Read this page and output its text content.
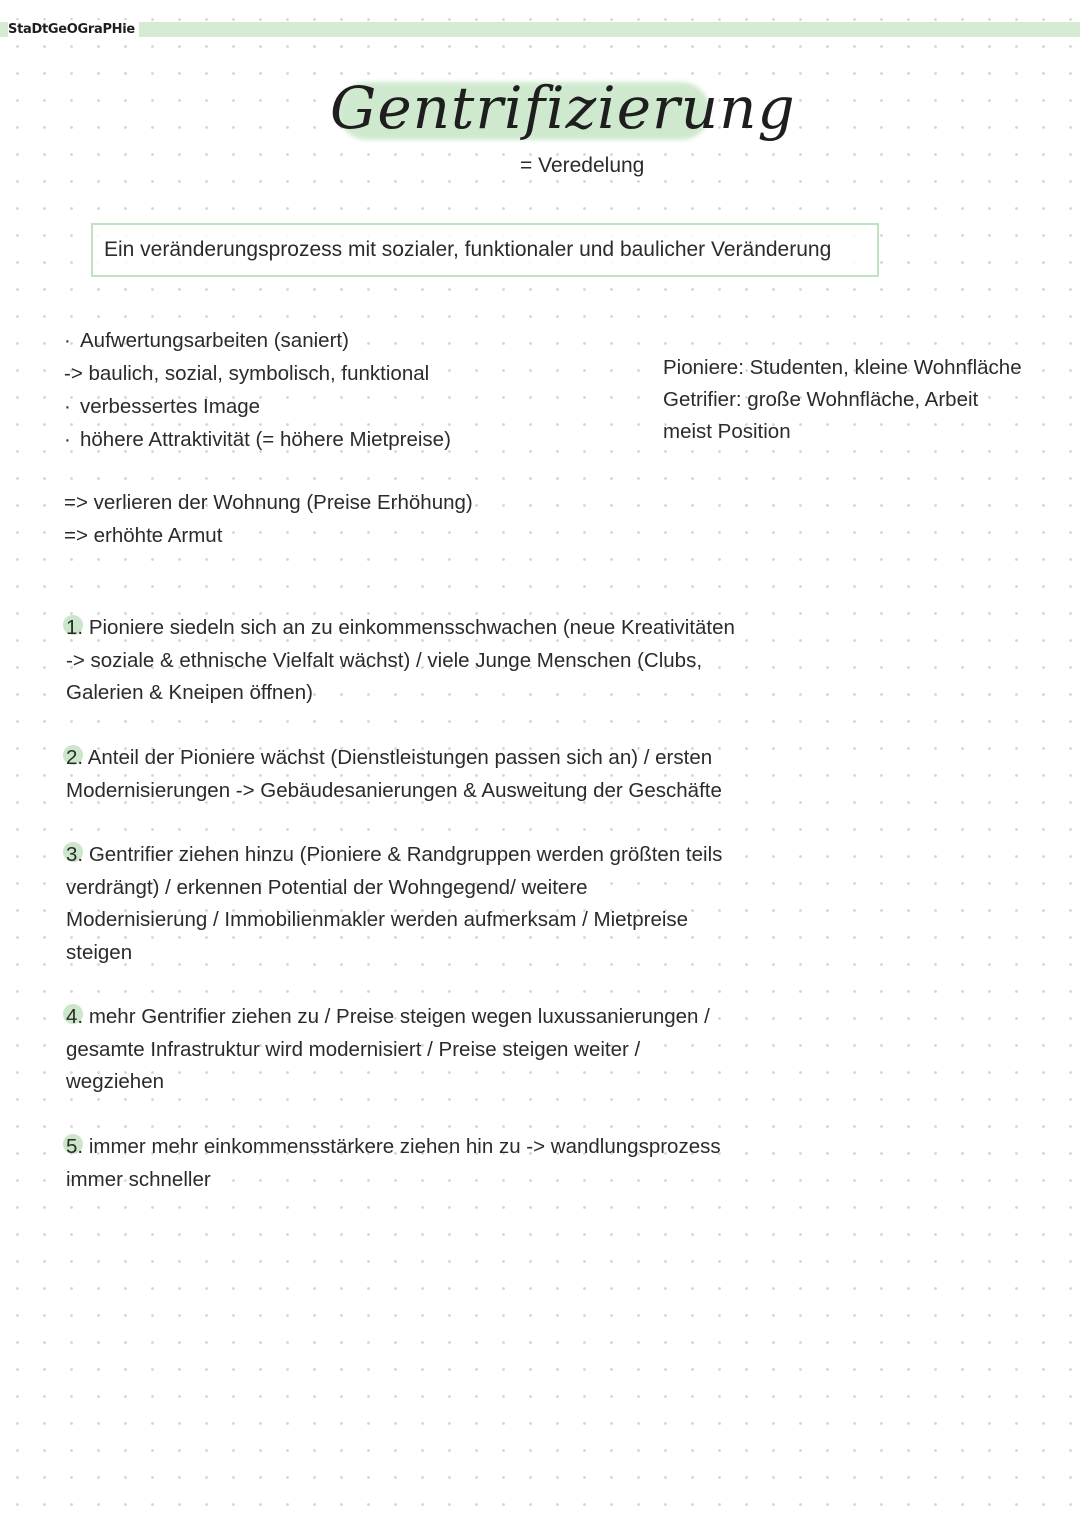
StaDtGeOGraPHie
Gentrifizierung
= Veredelung
Ein veränderungsprozess mit sozialer, funktionaler und baulicher Veränderung
· Aufwertungsarbeiten (saniert)
-> baulich, sozial, symbolisch, funktional
· verbessertes Image
· höhere Attraktivität (= höhere Mietpreise)
Pioniere: Studenten, kleine Wohnfläche
Getrifier: große Wohnfläche, Arbeit
meist Position
=> verlieren der Wohnung (Preise Erhöhung)
=> erhöhte Armut
1. Pioniere siedeln sich an zu einkommensschwachen (neue Kreativitäten
-> soziale & ethnische Vielfalt wächst) / viele Junge Menschen (Clubs,
Galerien & Kneipen öffnen)
2. Anteil der Pioniere wächst (Dienstleistungen passen sich an) / ersten
Modernisierungen -> Gebäudesanierungen & Ausweitung der Geschäfte
3. Gentrifier ziehen hinzu (Pioniere & Randgruppen werden größten teils
verdrängt) / erkennen Potential der Wohngegend/ weitere
Modernisierung / Immobilienmakler werden aufmerksam / Mietpreise
steigen
4. mehr Gentrifier ziehen zu / Preise steigen wegen luxussanierungen /
gesamte Infrastruktur wird modernisiert / Preise steigen weiter /
wegziehen
5. immer mehr einkommensstärkere ziehen hin zu -> wandlungsprozess
immer schneller
